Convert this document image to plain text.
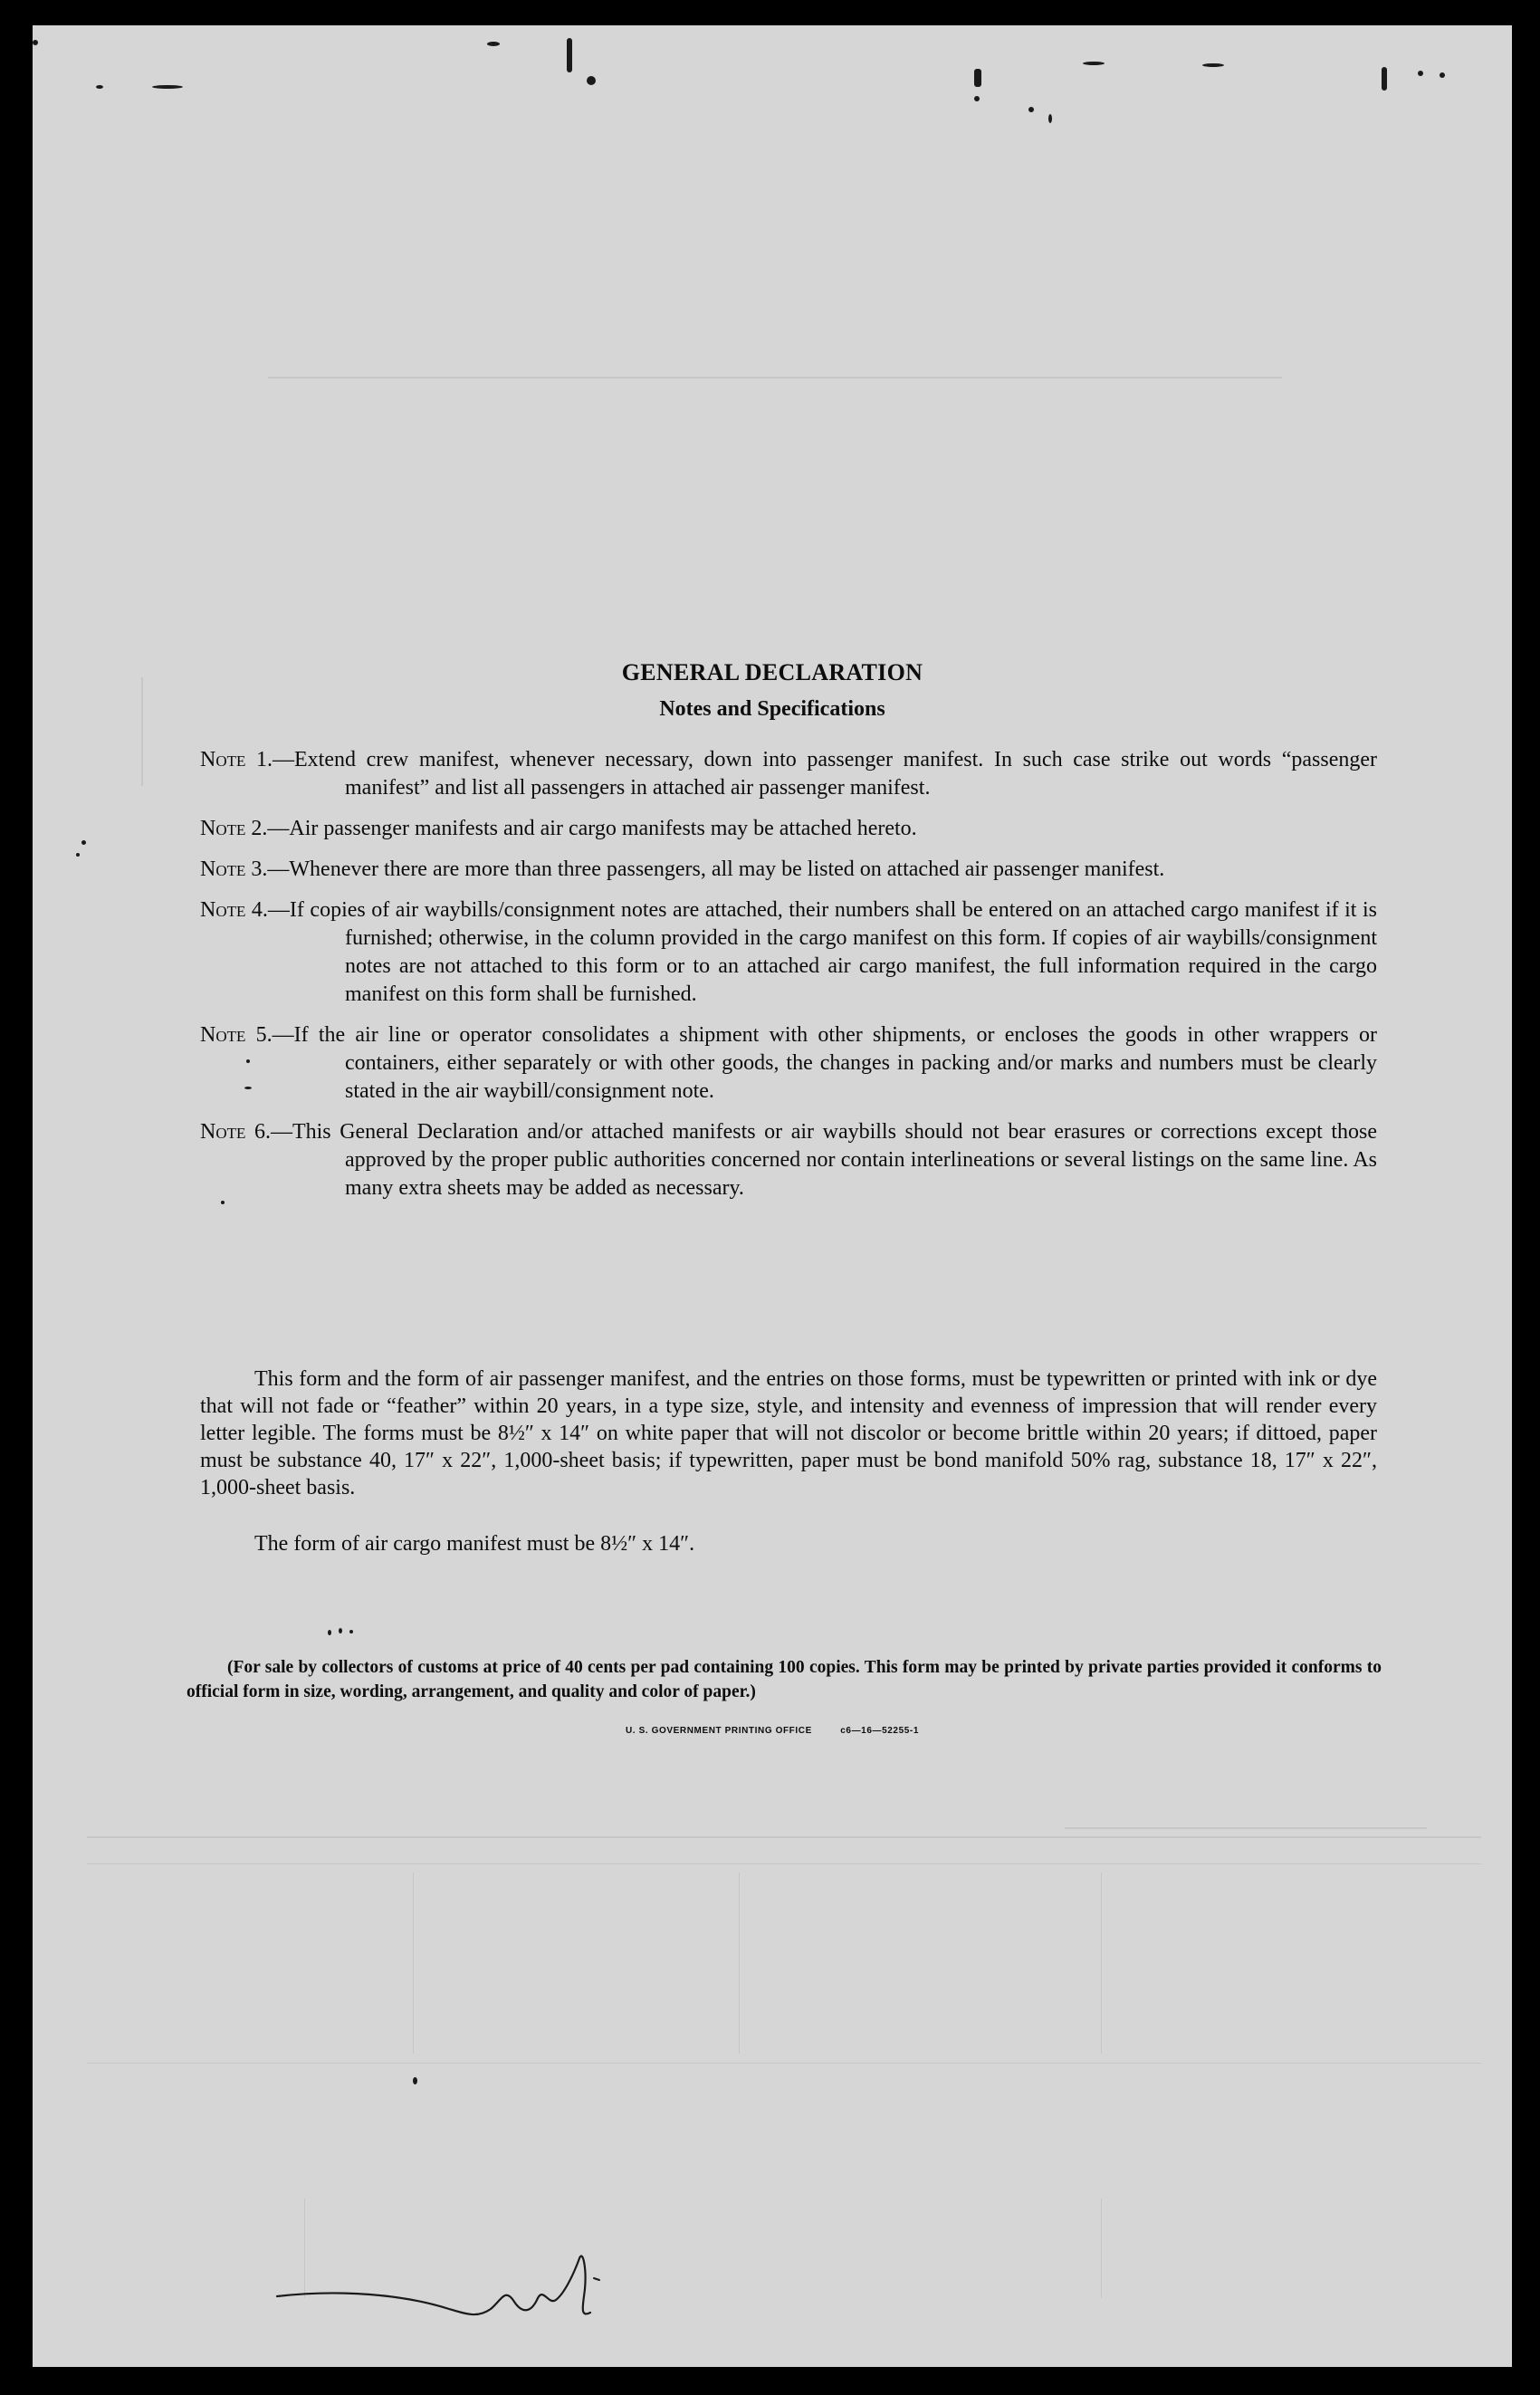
GENERAL DECLARATION
Notes and Specifications
Note 1.—Extend crew manifest, whenever necessary, down into passenger manifest. In such case strike out words “passenger manifest” and list all passengers in attached air passenger manifest.
Note 2.—Air passenger manifests and air cargo manifests may be attached hereto.
Note 3.—Whenever there are more than three passengers, all may be listed on attached air passenger manifest.
Note 4.—If copies of air waybills/consignment notes are attached, their numbers shall be entered on an attached cargo manifest if it is furnished; otherwise, in the column provided in the cargo manifest on this form. If copies of air waybills/consignment notes are not attached to this form or to an attached air cargo manifest, the full information required in the cargo manifest on this form shall be furnished.
Note 5.—If the air line or operator consolidates a shipment with other shipments, or encloses the goods in other wrappers or containers, either separately or with other goods, the changes in packing and/or marks and numbers must be clearly stated in the air waybill/consignment note.
Note 6.—This General Declaration and/or attached manifests or air waybills should not bear erasures or corrections except those approved by the proper public authorities concerned nor contain interlineations or several listings on the same line. As many extra sheets may be added as necessary.
This form and the form of air passenger manifest, and the entries on those forms, must be typewritten or printed with ink or dye that will not fade or “feather” within 20 years, in a type size, style, and intensity and evenness of impression that will render every letter legible. The forms must be 8½″ x 14″ on white paper that will not discolor or become brittle within 20 years; if dittoed, paper must be substance 40, 17″ x 22″, 1,000-sheet basis; if typewritten, paper must be bond manifold 50% rag, substance 18, 17″ x 22″, 1,000-sheet basis.
The form of air cargo manifest must be 8½″ x 14″.
(For sale by collectors of customs at price of 40 cents per pad containing 100 copies. This form may be printed by private parties provided it conforms to official form in size, wording, arrangement, and quality and color of paper.)
U. S. GOVERNMENT PRINTING OFFICE	c6—16—52255-1
